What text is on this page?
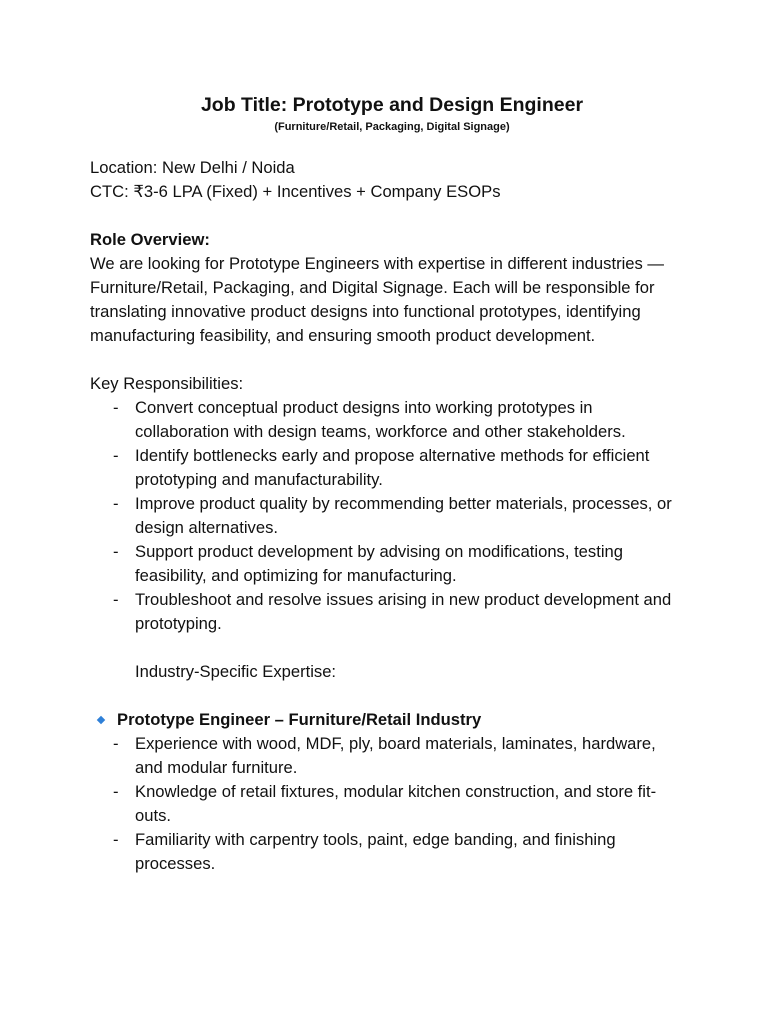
Job Title: Prototype and Design Engineer

(Furniture/Retail, Packaging, Digital Signage)

Location: New Delhi / Noida

CTC: ₹3-6 LPA (Fixed) + Incentives + Company ESOPs

Role Overview:

We are looking for Prototype Engineers with expertise in different industries — Furniture/Retail, Packaging, and Digital Signage. Each will be responsible for translating innovative product designs into functional prototypes, identifying manufacturing feasibility, and ensuring smooth product development.

Key Responsibilities:

- Convert conceptual product designs into working prototypes in collaboration with design teams, workforce and other stakeholders.
- Identify bottlenecks early and propose alternative methods for efficient prototyping and manufacturability.
- Improve product quality by recommending better materials, processes, or design alternatives.
- Support product development by advising on modifications, testing feasibility, and optimizing for manufacturing.
- Troubleshoot and resolve issues arising in new product development and prototyping.

Industry-Specific Expertise:

Prototype Engineer – Furniture/Retail Industry
- Experience with wood, MDF, ply, board materials, laminates, hardware, and modular furniture.
- Knowledge of retail fixtures, modular kitchen construction, and store fit-outs.
- Familiarity with carpentry tools, paint, edge banding, and finishing processes.
